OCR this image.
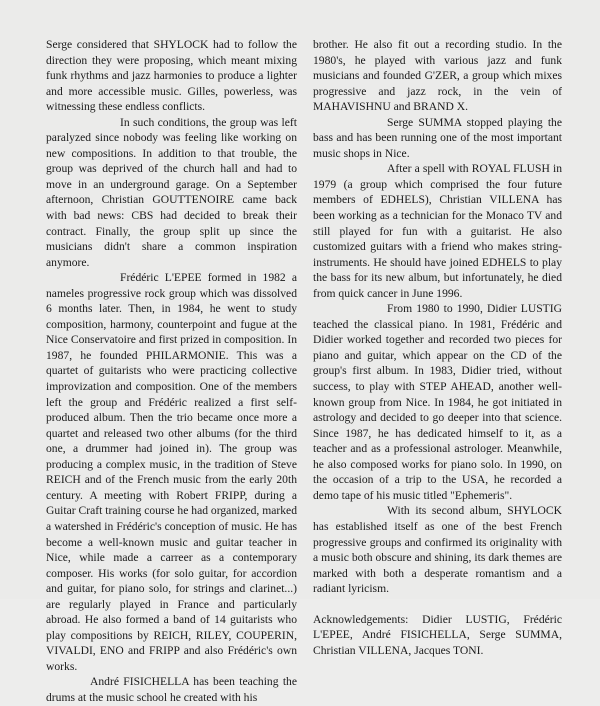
Serge considered that SHYLOCK had to follow the direction they were proposing, which meant mixing funk rhythms and jazz harmonies to produce a lighter and more accessible music. Gilles, powerless, was witnessing these endless conflicts.

In such conditions, the group was left paralyzed since nobody was feeling like working on new compositions. In addition to that trouble, the group was deprived of the church hall and had to move in an underground garage. On a September afternoon, Christian GOUTTENOIRE came back with bad news: CBS had decided to break their contract. Finally, the group split up since the musicians didn't share a common inspiration anymore.

Frédéric L'EPEE formed in 1982 a nameles progressive rock group which was dissolved 6 months later. Then, in 1984, he went to study composition, harmony, counterpoint and fugue at the Nice Conservatoire and first prized in composition. In 1987, he founded PHILARMONIE. This was a quartet of guitarists who were practicing collective improvization and composition. One of the members left the group and Frédéric realized a first self-produced album. Then the trio became once more a quartet and released two other albums (for the third one, a drummer had joined in). The group was producing a complex music, in the tradition of Steve REICH and of the French music from the early 20th century. A meeting with Robert FRIPP, during a Guitar Craft training course he had organized, marked a watershed in Frédéric's conception of music. He has become a well-known music and guitar teacher in Nice, while made a carreer as a contemporary composer. His works (for solo guitar, for accordion and guitar, for piano solo, for strings and clarinet...) are regularly played in France and particularly abroad. He also formed a band of 14 guitarists who play compositions by REICH, RILEY, COUPERIN, VIVALDI, ENO and FRIPP and also Frédéric's own works.

André FISICHELLA has been teaching the drums at the music school he created with his

brother. He also fit out a recording studio. In the 1980's, he played with various jazz and funk musicians and founded G'ZER, a group which mixes progressive and jazz rock, in the vein of MAHAVISHNU and BRAND X.

Serge SUMMA stopped playing the bass and has been running one of the most important music shops in Nice.

After a spell with ROYAL FLUSH in 1979 (a group which comprised the four future members of EDHELS), Christian VILLENA has been working as a technician for the Monaco TV and still played for fun with a guitarist. He also customized guitars with a friend who makes string-instruments. He should have joined EDHELS to play the bass for its new album, but infortunately, he died from quick cancer in June 1996.

From 1980 to 1990, Didier LUSTIG teached the classical piano. In 1981, Frédéric and Didier worked together and recorded two pieces for piano and guitar, which appear on the CD of the group's first album. In 1983, Didier tried, without success, to play with STEP AHEAD, another well-known group from Nice. In 1984, he got initiated in astrology and decided to go deeper into that science. Since 1987, he has dedicated himself to it, as a teacher and as a professional astrologer. Meanwhile, he also composed works for piano solo. In 1990, on the occasion of a trip to the USA, he recorded a demo tape of his music titled "Ephemeris".

With its second album, SHYLOCK has established itself as one of the best French progressive groups and confirmed its originality with a music both obscure and shining, its dark themes are marked with both a desperate romantism and a radiant lyricism.

Acknowledgements: Didier LUSTIG, Frédéric L'EPEE, André FISICHELLA, Serge SUMMA, Christian VILLENA, Jacques TONI.
